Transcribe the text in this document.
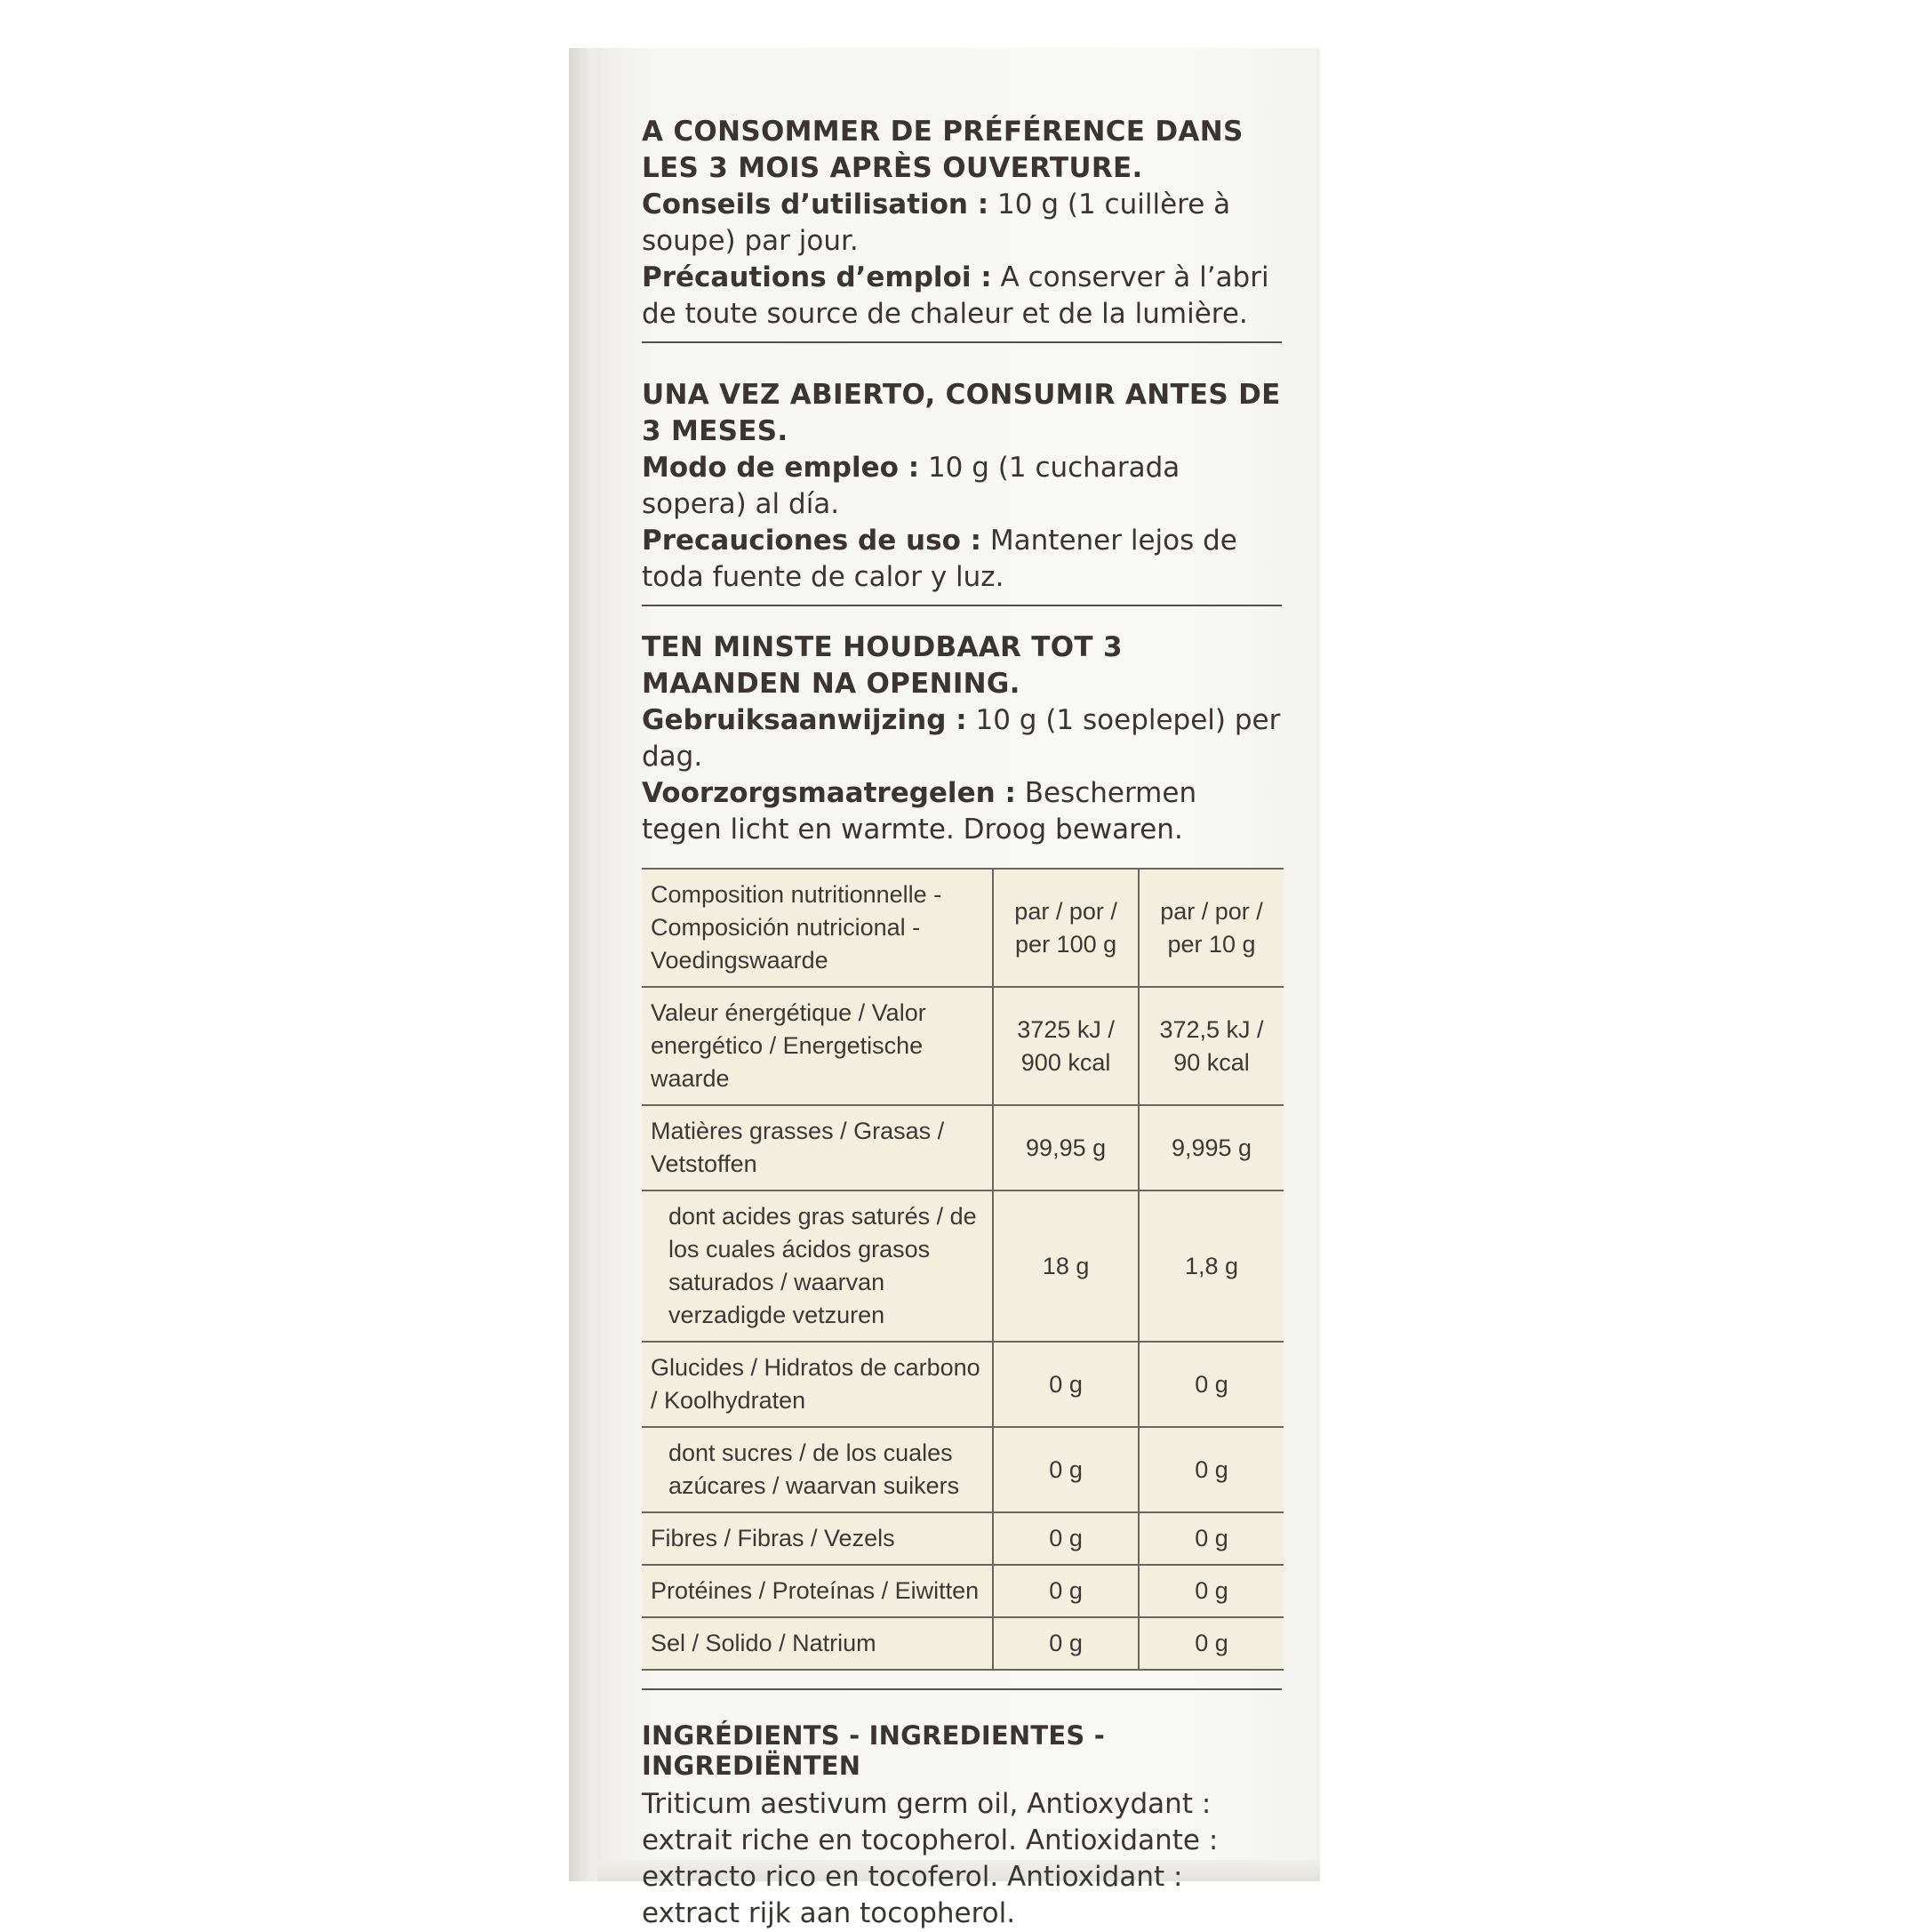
A CONSOMMER DE PRÉFÉRENCE DANS LES 3 MOIS APRÈS OUVERTURE.
Conseils d’utilisation : 10 g (1 cuillère à soupe) par jour.
Précautions d’emploi : A conserver à l’abri de toute source de chaleur et de la lumière.
UNA VEZ ABIERTO, CONSUMIR ANTES DE 3 MESES.
Modo de empleo : 10 g (1 cucharada sopera) al día.
Precauciones de uso : Mantener lejos de toda fuente de calor y luz.
TEN MINSTE HOUDBAAR TOT 3 MAANDEN NA OPENING.
Gebruiksaanwijzing : 10 g (1 soeplepel) per dag.
Voorzorgsmaatregelen : Beschermen tegen licht en warmte. Droog bewaren.
Composition nutritionnelle - Composición nutricional - Voedingswaarde	par / por / per 100 g	par / por / per 10 g
Valeur énergétique / Valor energético / Energetische waarde	3725 kJ / 900 kcal	372,5 kJ / 90 kcal
Matières grasses / Grasas / Vetstoffen	99,95 g	9,995 g
dont acides gras saturés / de los cuales ácidos grasos saturados / waarvan verzadigde vetzuren	18 g	1,8 g
Glucides / Hidratos de carbono / Koolhydraten	0 g	0 g
dont sucres / de los cuales azúcares / waarvan suikers	0 g	0 g
Fibres / Fibras / Vezels	0 g	0 g
Protéines / Proteínas / Eiwitten	0 g	0 g
Sel / Solido / Natrium	0 g	0 g
INGRÉDIENTS - INGREDIENTES - INGREDIËNTEN
Triticum aestivum germ oil, Antioxydant : extrait riche en tocopherol. Antioxidante : extracto rico en tocoferol. Antioxidant : extract rijk aan tocopherol.
